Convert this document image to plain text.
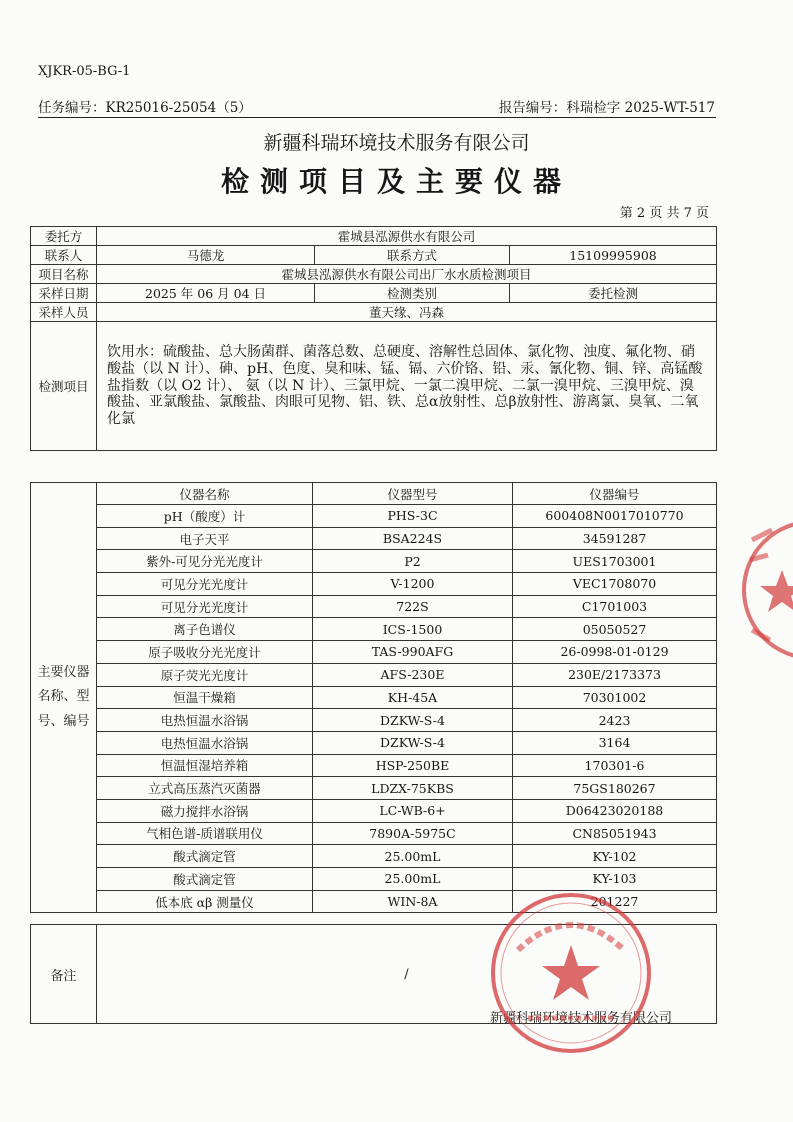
XJKR-05-BG-1
任务编号：KR25016-25054（5）	报告编号：科瑞检字 2025-WT-517
新疆科瑞环境技术服务有限公司
检测项目及主要仪器
第 2 页 共 7 页
委托方	霍城县泓源供水有限公司		
联系人	马德龙	联系方式	15109995908
项目名称	霍城县泓源供水有限公司出厂水水质检测项目		
采样日期	2025 年 06 月 04 日	检测类别	委托检测
采样人员	董天缘、冯森		
检测项目	饮用水：硫酸盐、总大肠菌群、菌落总数、总硬度、溶解性总固体、氯化物、浊度、氟化物、硝酸盐（以 N 计）、砷、pH、色度、臭和味、锰、镉、六价铬、铅、汞、氰化物、铜、锌、高锰酸盐指数（以 O2 计）、 氨（以 N 计）、三氯甲烷、一氯二溴甲烷、二氯一溴甲烷、三溴甲烷、溴酸盐、亚氯酸盐、氯酸盐、肉眼可见物、铝、铁、总α放射性、总β放射性、游离氯、臭氧、二氧化氯		
主要仪器名称、型号、编号	仪器名称	仪器型号	仪器编号
	pH（酸度）计	PHS-3C	600408N0017010770
	电子天平	BSA224S	34591287
	紫外-可见分光光度计	P2	UES1703001
	可见分光光度计	V-1200	VEC1708070
	可见分光光度计	722S	C1701003
	离子色谱仪	ICS-1500	05050527
	原子吸收分光光度计	TAS-990AFG	26-0998-01-0129
	原子荧光光度计	AFS-230E	230E/2173373
	恒温干燥箱	KH-45A	70301002
	电热恒温水浴锅	DZKW-S-4	2423
	电热恒温水浴锅	DZKW-S-4	3164
	恒温恒湿培养箱	HSP-250BE	170301-6
	立式高压蒸汽灭菌器	LDZX-75KBS	75GS180267
	磁力搅拌水浴锅	LC-WB-6+	D06423020188
	气相色谱-质谱联用仪	7890A-5975C	CN85051943
	酸式滴定管	25.00mL	KY-102
	酸式滴定管	25.00mL	KY-103
	低本底 αβ 测量仪	WIN-8A	201227
备注	/
新疆科瑞环境技术服务有限公司
